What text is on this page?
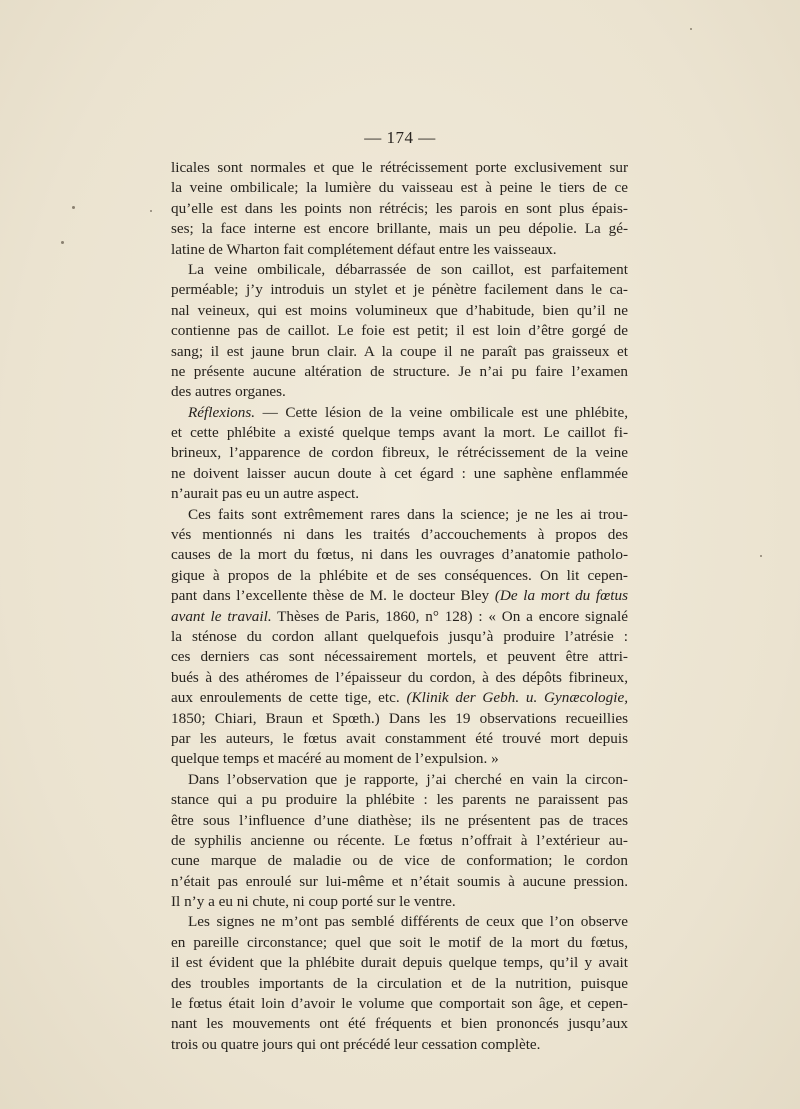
— 174 —
licales sont normales et que le rétrécissement porte exclusivement sur
la veine ombilicale; la lumière du vaisseau est à peine le tiers de ce
qu’elle est dans les points non rétrécis; les parois en sont plus épais-
ses; la face interne est encore brillante, mais un peu dépolie. La gé-
latine de Wharton fait complétement défaut entre les vaisseaux.
La veine ombilicale, débarrassée de son caillot, est parfaitement
perméable; j’y introduis un stylet et je pénètre facilement dans le ca-
nal veineux, qui est moins volumineux que d’habitude, bien qu’il ne
contienne pas de caillot. Le foie est petit; il est loin d’être gorgé de
sang; il est jaune brun clair. A la coupe il ne paraît pas graisseux et
ne présente aucune altération de structure. Je n’ai pu faire l’examen
des autres organes.
Réflexions. — Cette lésion de la veine ombilicale est une phlébite,
et cette phlébite a existé quelque temps avant la mort. Le caillot fi-
brineux, l’apparence de cordon fibreux, le rétrécissement de la veine
ne doivent laisser aucun doute à cet égard : une saphène enflammée
n’aurait pas eu un autre aspect.
Ces faits sont extrêmement rares dans la science; je ne les ai trou-
vés mentionnés ni dans les traités d’accouchements à propos des
causes de la mort du fœtus, ni dans les ouvrages d’anatomie patholo-
gique à propos de la phlébite et de ses conséquences. On lit cepen-
pant dans l’excellente thèse de M. le docteur Bley (De la mort du fœtus
avant le travail. Thèses de Paris, 1860, n° 128) : « On a encore signalé
la sténose du cordon allant quelquefois jusqu’à produire l’atrésie :
ces derniers cas sont nécessairement mortels, et peuvent être attri-
bués à des athéromes de l’épaisseur du cordon, à des dépôts fibrineux,
aux enroulements de cette tige, etc. (Klinik der Gebh. u. Gynæcologie,
1850; Chiari, Braun et Spœth.) Dans les 19 observations recueillies
par les auteurs, le fœtus avait constamment été trouvé mort depuis
quelque temps et macéré au moment de l’expulsion. »
Dans l’observation que je rapporte, j’ai cherché en vain la circon-
stance qui a pu produire la phlébite : les parents ne paraissent pas
être sous l’influence d’une diathèse; ils ne présentent pas de traces
de syphilis ancienne ou récente. Le fœtus n’offrait à l’extérieur au-
cune marque de maladie ou de vice de conformation; le cordon
n’était pas enroulé sur lui-même et n’était soumis à aucune pression.
Il n’y a eu ni chute, ni coup porté sur le ventre.
Les signes ne m’ont pas semblé différents de ceux que l’on observe
en pareille circonstance; quel que soit le motif de la mort du fœtus,
il est évident que la phlébite durait depuis quelque temps, qu’il y avait
des troubles importants de la circulation et de la nutrition, puisque
le fœtus était loin d’avoir le volume que comportait son âge, et cepen-
nant les mouvements ont été fréquents et bien prononcés jusqu’aux
trois ou quatre jours qui ont précédé leur cessation complète.
